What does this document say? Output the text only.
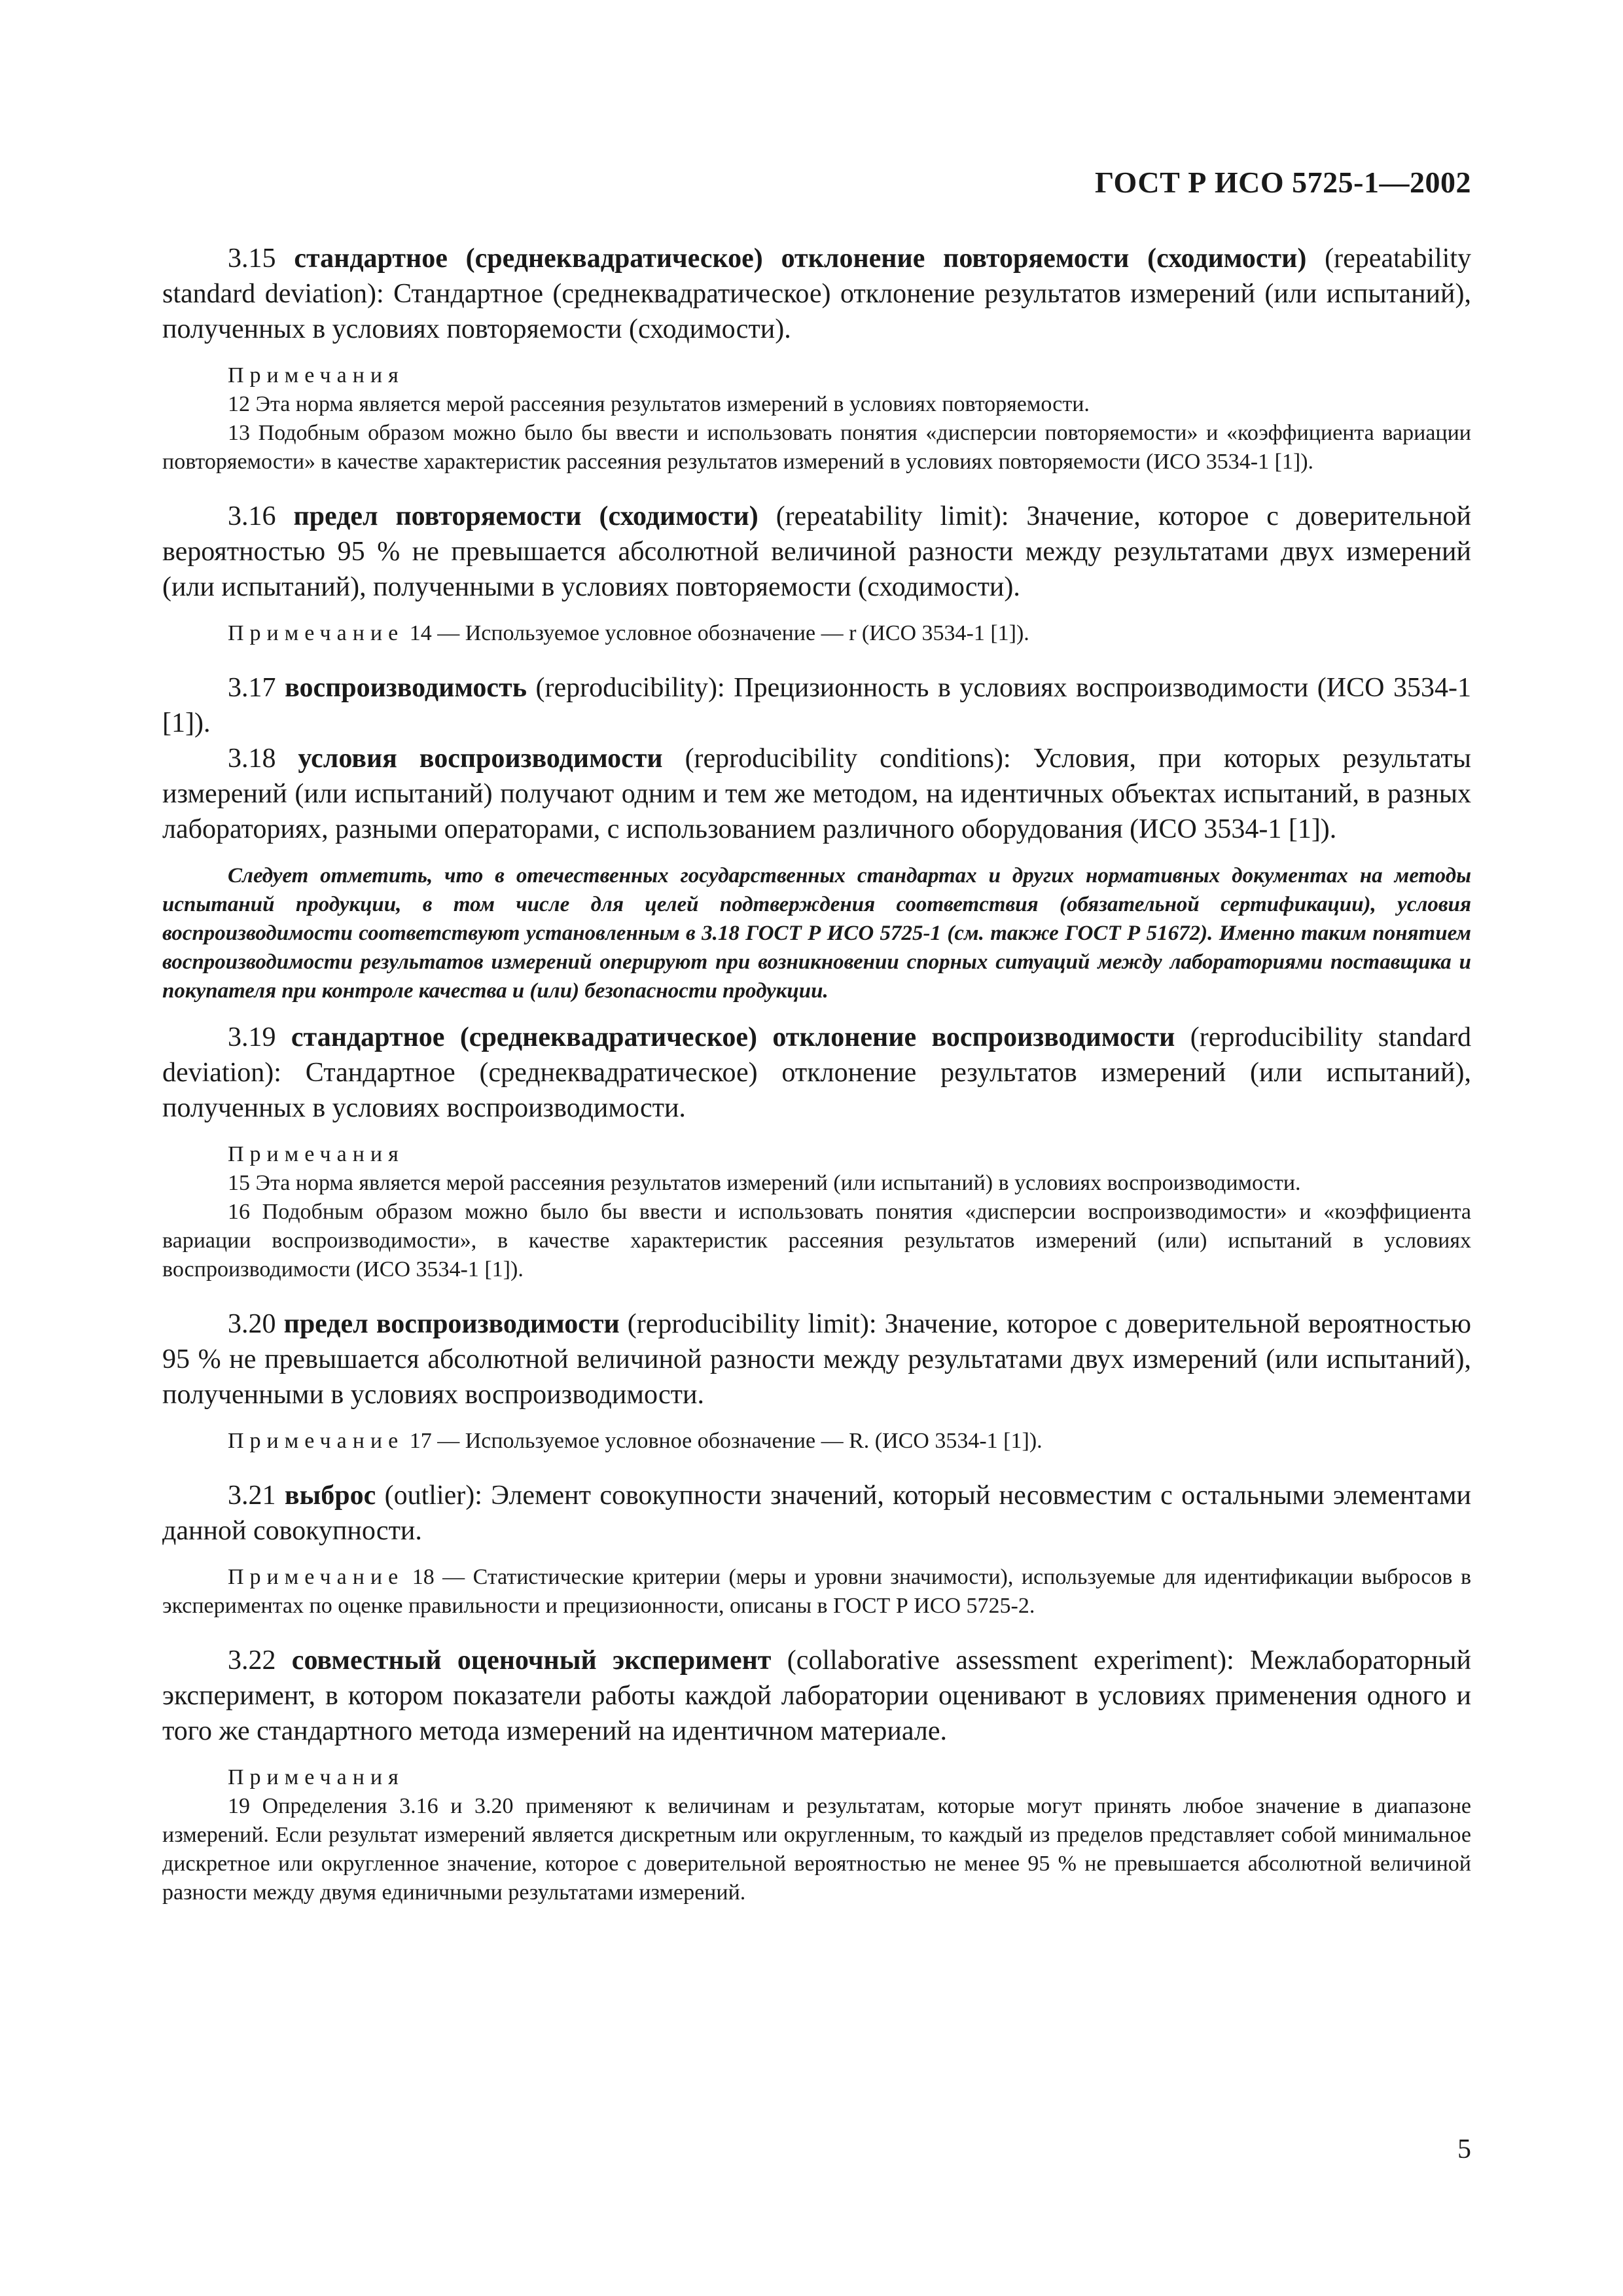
ГОСТ Р ИСО 5725-1—2002

3.15 стандартное (среднеквадратическое) отклонение повторяемости (сходимости) (repeatability standard deviation): Стандартное (среднеквадратическое) отклонение результатов измерений (или испытаний), полученных в условиях повторяемости (сходимости).

Примечания

12 Эта норма является мерой рассеяния результатов измерений в условиях повторяемости.

13 Подобным образом можно было бы ввести и использовать понятия «дисперсии повторяемости» и «коэффициента вариации повторяемости» в качестве характеристик рассеяния результатов измерений в условиях повторяемости (ИСО 3534-1 [1]).

3.16 предел повторяемости (сходимости) (repeatability limit): Значение, которое с доверительной вероятностью 95 % не превышается абсолютной величиной разности между результатами двух измерений (или испытаний), полученными в условиях повторяемости (сходимости).

Примечание 14 — Используемое условное обозначение — r (ИСО 3534-1 [1]).

3.17 воспроизводимость (reproducibility): Прецизионность в условиях воспроизводимости (ИСО 3534-1 [1]).

3.18 условия воспроизводимости (reproducibility conditions): Условия, при которых результаты измерений (или испытаний) получают одним и тем же методом, на идентичных объектах испытаний, в разных лабораториях, разными операторами, с использованием различного оборудования (ИСО 3534-1 [1]).

Следует отметить, что в отечественных государственных стандартах и других нормативных документах на методы испытаний продукции, в том числе для целей подтверждения соответствия (обязательной сертификации), условия воспроизводимости соответствуют установленным в 3.18 ГОСТ Р ИСО 5725-1 (см. также ГОСТ Р 51672). Именно таким понятием воспроизводимости результатов измерений оперируют при возникновении спорных ситуаций между лабораториями поставщика и покупателя при контроле качества и (или) безопасности продукции.

3.19 стандартное (среднеквадратическое) отклонение воспроизводимости (reproducibility standard deviation): Стандартное (среднеквадратическое) отклонение результатов измерений (или испытаний), полученных в условиях воспроизводимости.

Примечания

15 Эта норма является мерой рассеяния результатов измерений (или испытаний) в условиях воспроизводимости.

16 Подобным образом можно было бы ввести и использовать понятия «дисперсии воспроизводимости» и «коэффициента вариации воспроизводимости», в качестве характеристик рассеяния результатов измерений (или) испытаний в условиях воспроизводимости (ИСО 3534-1 [1]).

3.20 предел воспроизводимости (reproducibility limit): Значение, которое с доверительной вероятностью 95 % не превышается абсолютной величиной разности между результатами двух измерений (или испытаний), полученными в условиях воспроизводимости.

Примечание 17 — Используемое условное обозначение — R. (ИСО 3534-1 [1]).

3.21 выброс (outlier): Элемент совокупности значений, который несовместим с остальными элементами данной совокупности.

Примечание 18 — Статистические критерии (меры и уровни значимости), используемые для идентификации выбросов в экспериментах по оценке правильности и прецизионности, описаны в ГОСТ Р ИСО 5725-2.

3.22 совместный оценочный эксперимент (collaborative assessment experiment): Межлабораторный эксперимент, в котором показатели работы каждой лаборатории оценивают в условиях применения одного и того же стандартного метода измерений на идентичном материале.

Примечания

19 Определения 3.16 и 3.20 применяют к величинам и результатам, которые могут принять любое значение в диапазоне измерений. Если результат измерений является дискретным или округленным, то каждый из пределов представляет собой минимальное дискретное или округленное значение, которое с доверительной вероятностью не менее 95 % не превышается абсолютной величиной разности между двумя единичными результатами измерений.

5
